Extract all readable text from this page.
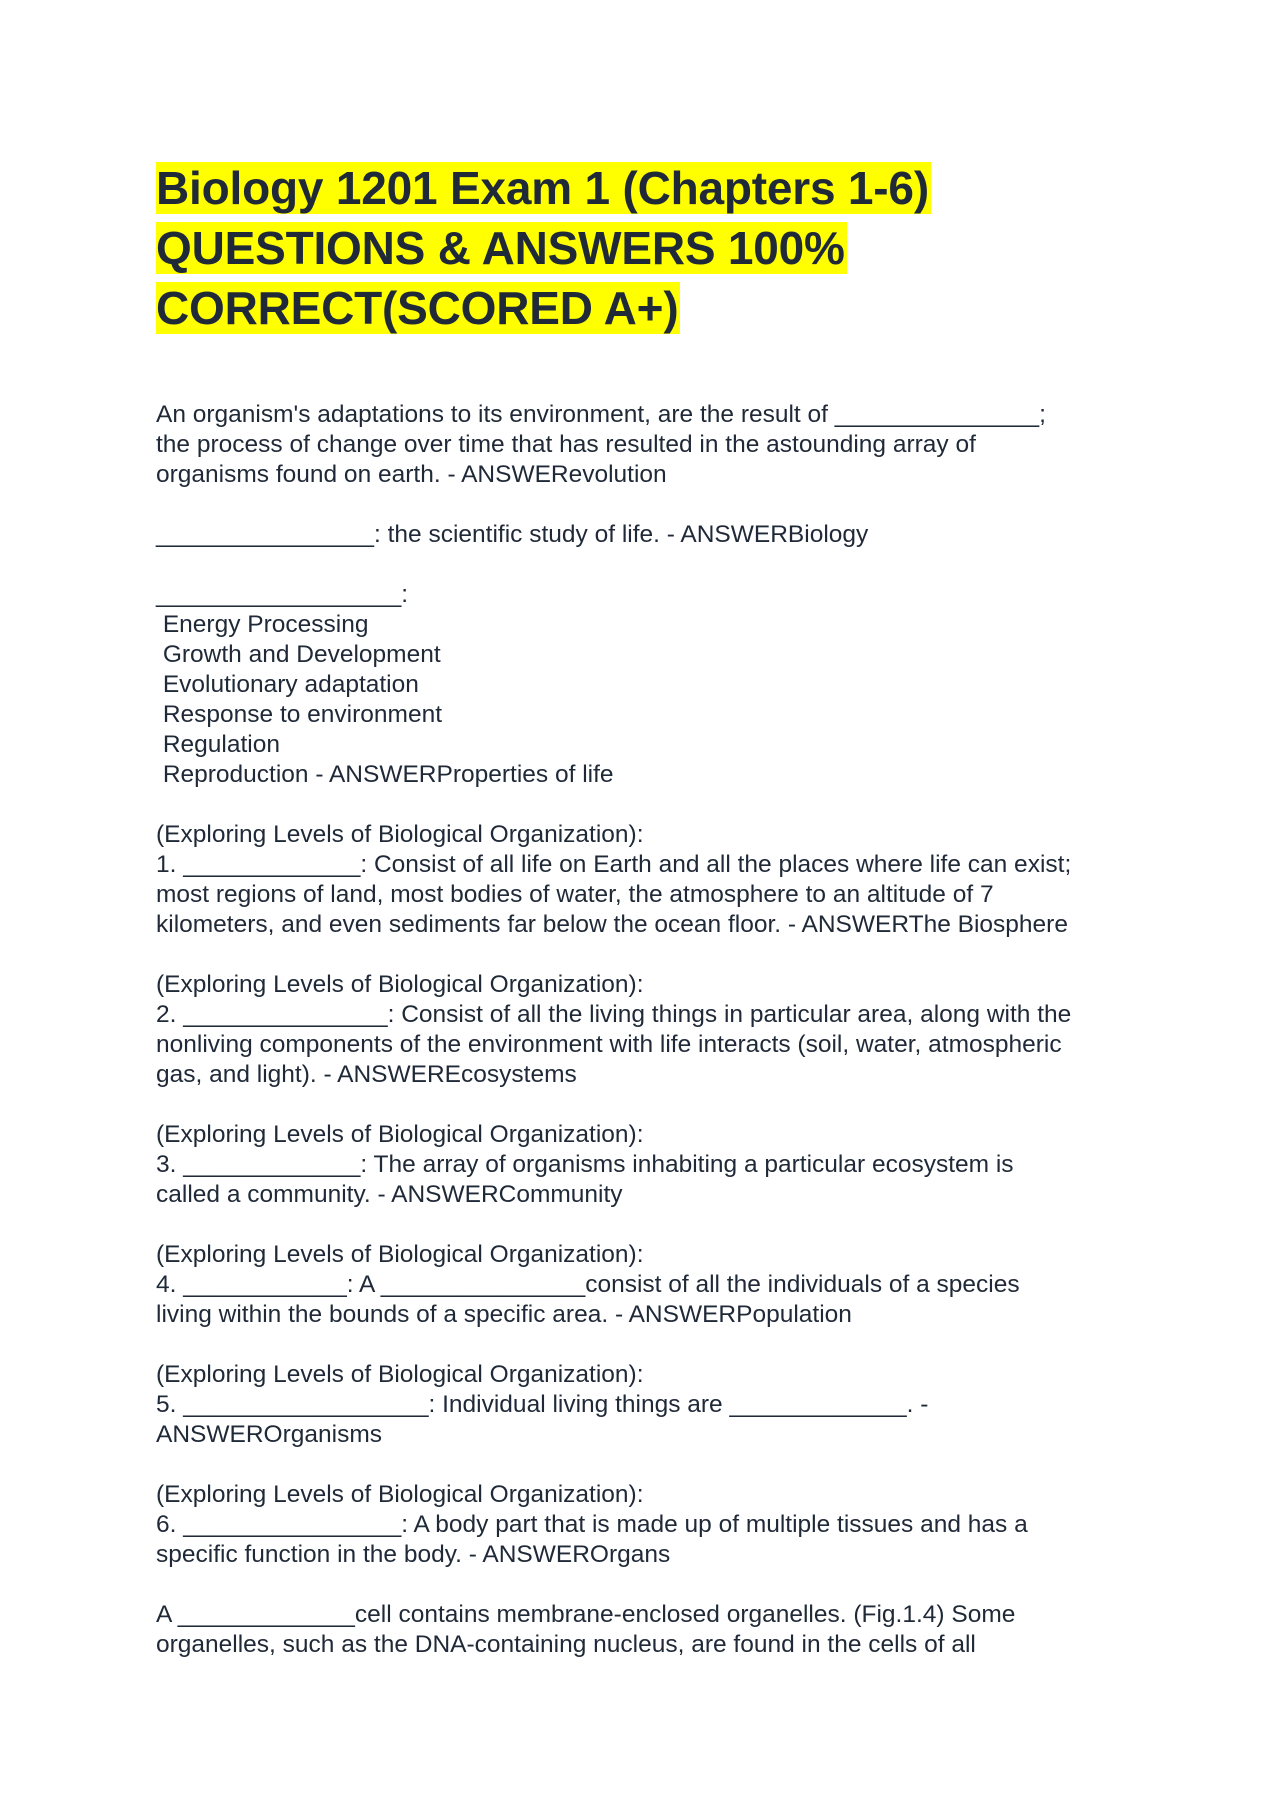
Biology 1201 Exam 1 (Chapters 1-6)
QUESTIONS & ANSWERS 100%
CORRECT(SCORED A+)
An organism's adaptations to its environment, are the result of _______________;
the process of change over time that has resulted in the astounding array of
organisms found on earth. - ANSWERevolution
________________: the scientific study of life. - ANSWERBiology
__________________:
Energy Processing
Growth and Development
Evolutionary adaptation
Response to environment
Regulation
Reproduction - ANSWERProperties of life
(Exploring Levels of Biological Organization):
1. _____________: Consist of all life on Earth and all the places where life can exist;
most regions of land, most bodies of water, the atmosphere to an altitude of 7
kilometers, and even sediments far below the ocean floor. - ANSWERThe Biosphere
(Exploring Levels of Biological Organization):
2. _______________: Consist of all the living things in particular area, along with the
nonliving components of the environment with life interacts (soil, water, atmospheric
gas, and light). - ANSWEREcosystems
(Exploring Levels of Biological Organization):
3. _____________: The array of organisms inhabiting a particular ecosystem is
called a community. - ANSWERCommunity
(Exploring Levels of Biological Organization):
4. ____________: A _______________consist of all the individuals of a species
living within the bounds of a specific area. - ANSWERPopulation
(Exploring Levels of Biological Organization):
5. __________________: Individual living things are _____________. -
ANSWEROrganisms
(Exploring Levels of Biological Organization):
6. ________________: A body part that is made up of multiple tissues and has a
specific function in the body. - ANSWEROrgans
A _____________cell contains membrane-enclosed organelles. (Fig.1.4) Some
organelles, such as the DNA-containing nucleus, are found in the cells of all
